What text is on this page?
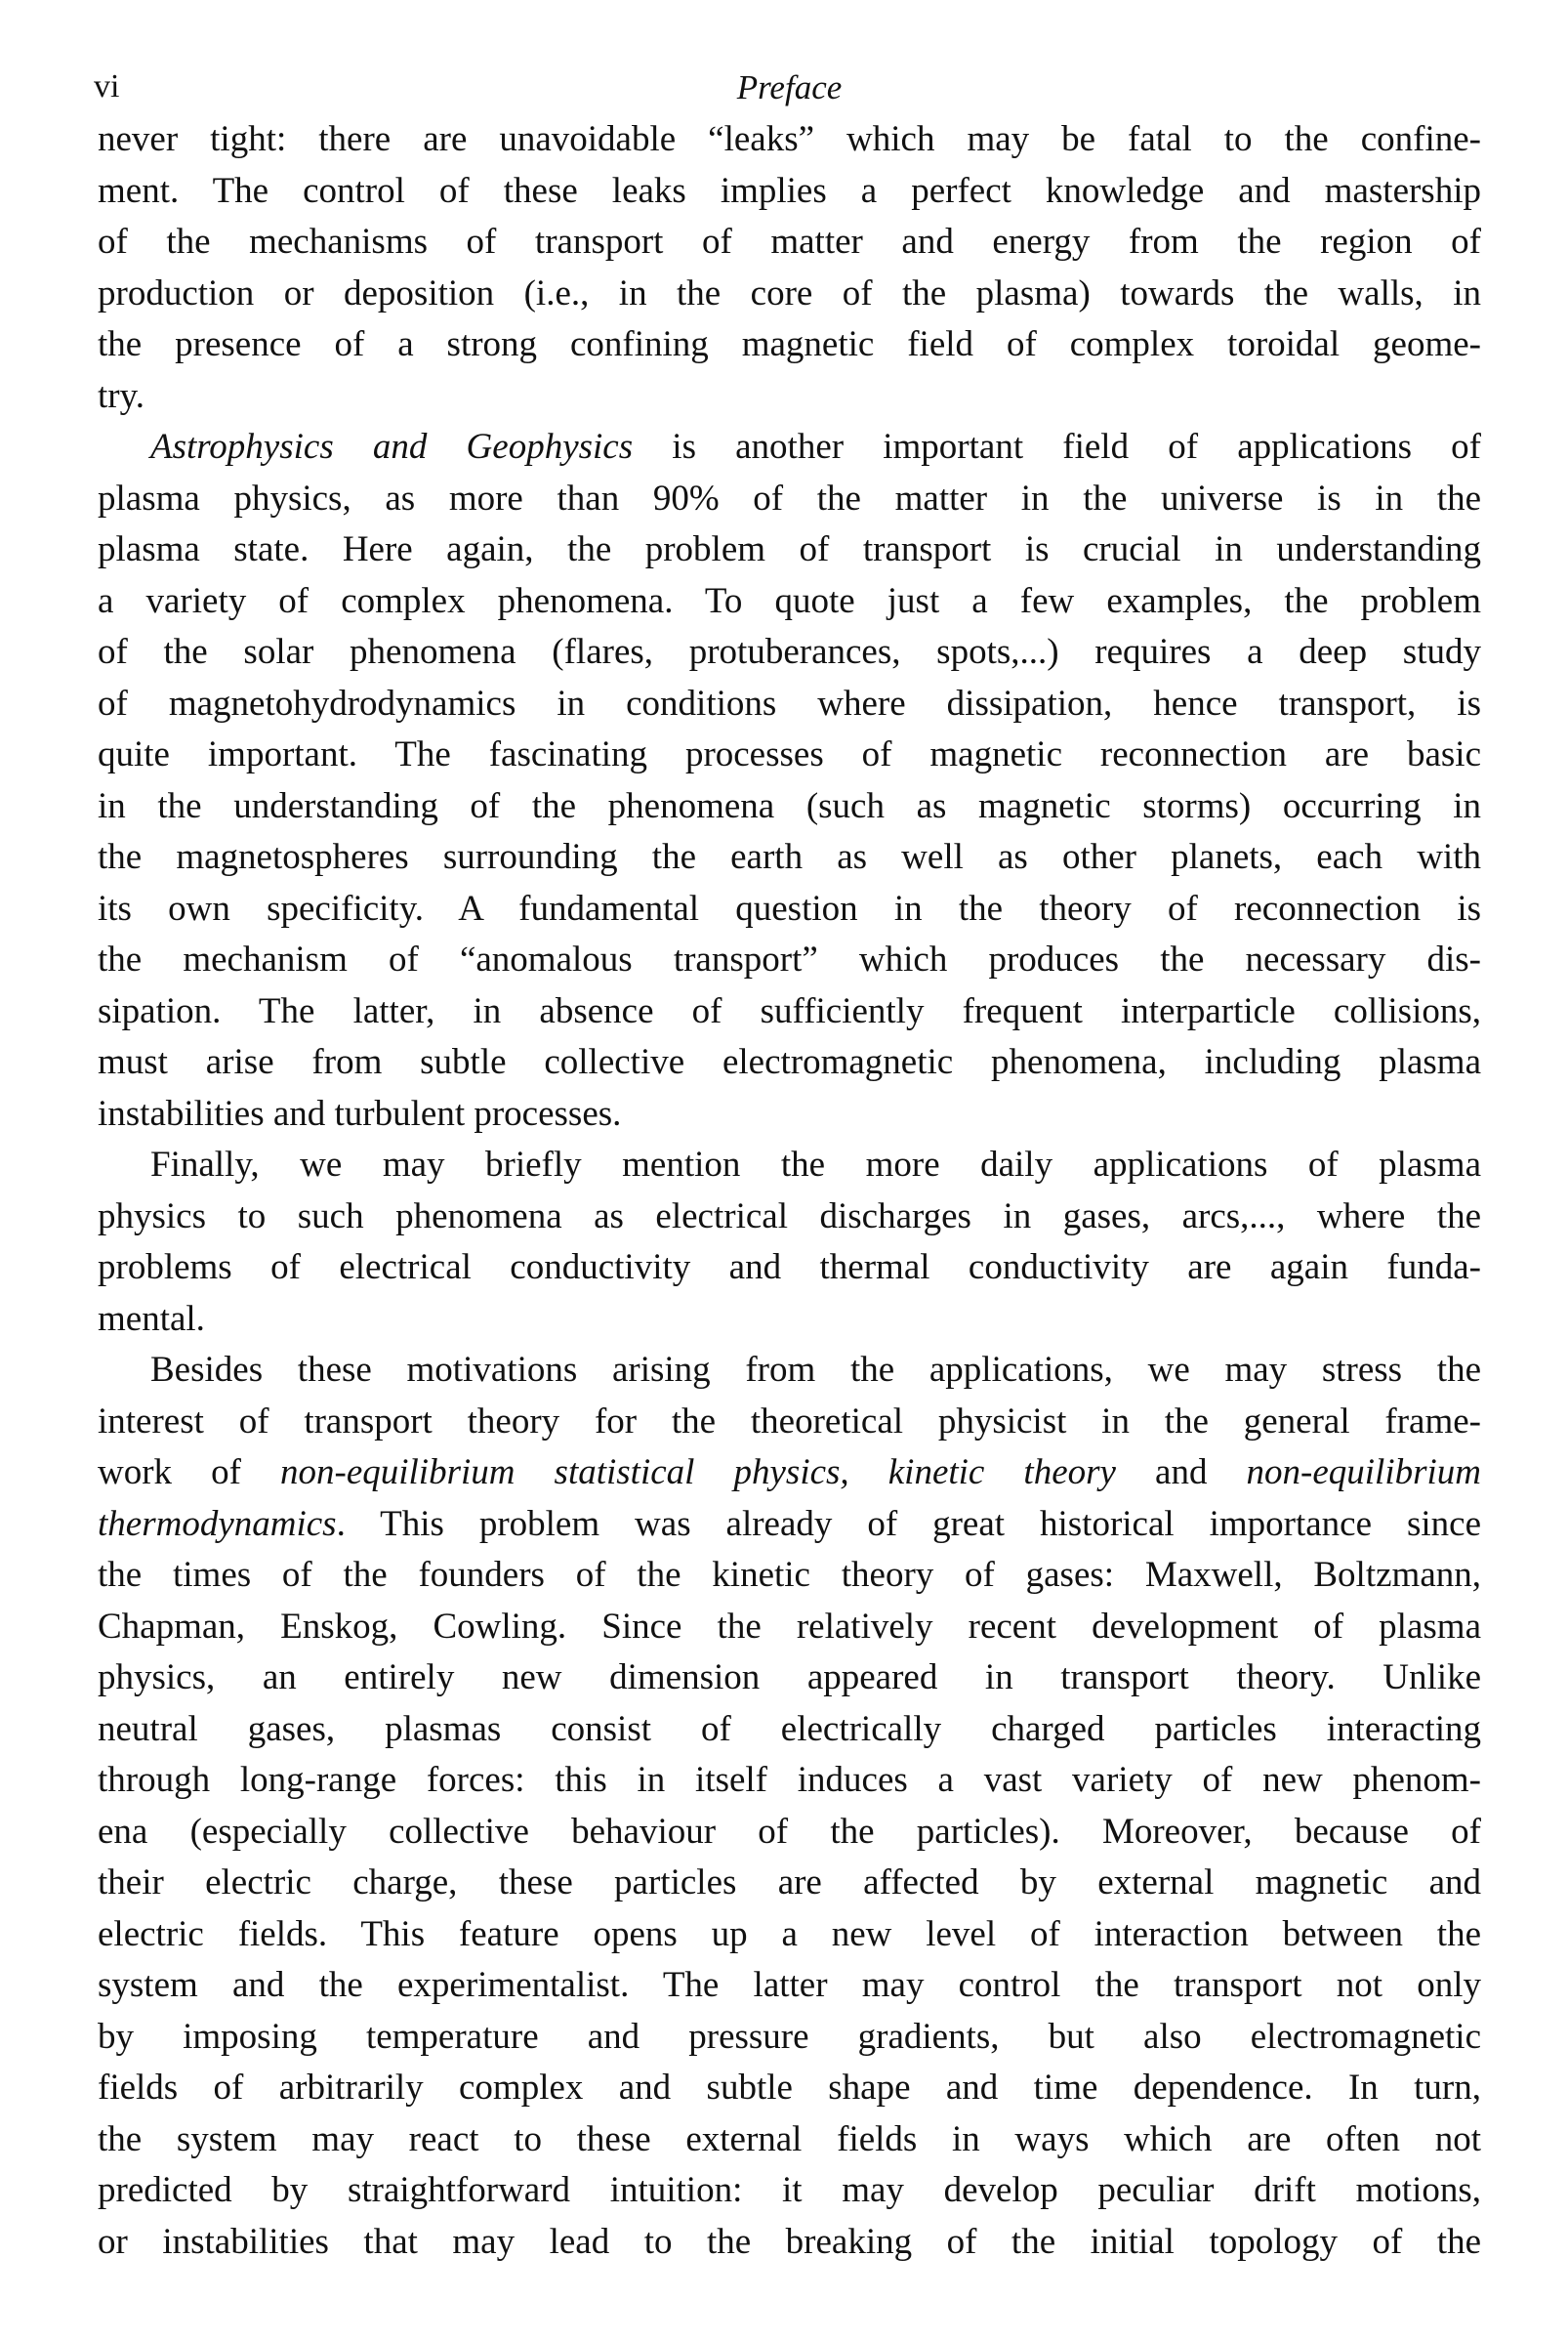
vi	Preface
never tight: there are unavoidable “leaks” which may be fatal to the confine-
ment. The control of these leaks implies a perfect knowledge and mastership
of the mechanisms of transport of matter and energy from the region of
production or deposition (i.e., in the core of the plasma) towards the walls, in
the presence of a strong confining magnetic field of complex toroidal geome-
try.
Astrophysics and Geophysics is another important field of applications of
plasma physics, as more than 90% of the matter in the universe is in the
plasma state. Here again, the problem of transport is crucial in understanding
a variety of complex phenomena. To quote just a few examples, the problem
of the solar phenomena (flares, protuberances, spots,...) requires a deep study
of magnetohydrodynamics in conditions where dissipation, hence transport, is
quite important. The fascinating processes of magnetic reconnection are basic
in the understanding of the phenomena (such as magnetic storms) occurring in
the magnetospheres surrounding the earth as well as other planets, each with
its own specificity. A fundamental question in the theory of reconnection is
the mechanism of “anomalous transport” which produces the necessary dis-
sipation. The latter, in absence of sufficiently frequent interparticle collisions,
must arise from subtle collective electromagnetic phenomena, including plasma
instabilities and turbulent processes.
Finally, we may briefly mention the more daily applications of plasma
physics to such phenomena as electrical discharges in gases, arcs,..., where the
problems of electrical conductivity and thermal conductivity are again funda-
mental.
Besides these motivations arising from the applications, we may stress the
interest of transport theory for the theoretical physicist in the general frame-
work of non-equilibrium statistical physics, kinetic theory and non-equilibrium
thermodynamics. This problem was already of great historical importance since
the times of the founders of the kinetic theory of gases: Maxwell, Boltzmann,
Chapman, Enskog, Cowling. Since the relatively recent development of plasma
physics, an entirely new dimension appeared in transport theory. Unlike
neutral gases, plasmas consist of electrically charged particles interacting
through long-range forces: this in itself induces a vast variety of new phenom-
ena (especially collective behaviour of the particles). Moreover, because of
their electric charge, these particles are affected by external magnetic and
electric fields. This feature opens up a new level of interaction between the
system and the experimentalist. The latter may control the transport not only
by imposing temperature and pressure gradients, but also electromagnetic
fields of arbitrarily complex and subtle shape and time dependence. In turn,
the system may react to these external fields in ways which are often not
predicted by straightforward intuition: it may develop peculiar drift motions,
or instabilities that may lead to the breaking of the initial topology of the
